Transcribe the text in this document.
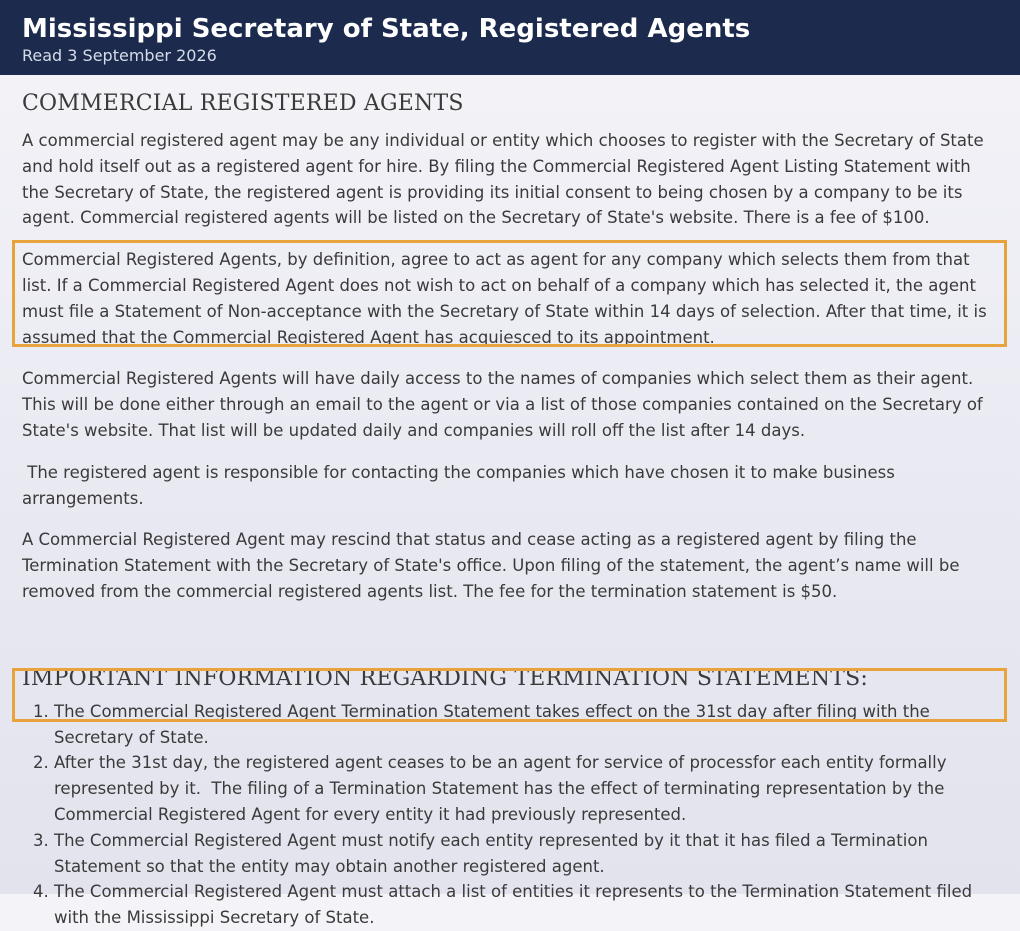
Mississippi Secretary of State, Registered Agents
Read 3 September 2026
COMMERCIAL REGISTERED AGENTS

A commercial registered agent may be any individual or entity which chooses to register with the Secretary of State and hold itself out as a registered agent for hire. By filing the Commercial Registered Agent Listing Statement with the Secretary of State, the registered agent is providing its initial consent to being chosen by a company to be its agent. Commercial registered agents will be listed on the Secretary of State's website. There is a fee of $100.

Commercial Registered Agents, by definition, agree to act as agent for any company which selects them from that list. If a Commercial Registered Agent does not wish to act on behalf of a company which has selected it, the agent must file a Statement of Non-acceptance with the Secretary of State within 14 days of selection. After that time, it is assumed that the Commercial Registered Agent has acquiesced to its appointment.

Commercial Registered Agents will have daily access to the names of companies which select them as their agent. This will be done either through an email to the agent or via a list of those companies contained on the Secretary of State's website. That list will be updated daily and companies will roll off the list after 14 days.

The registered agent is responsible for contacting the companies which have chosen it to make business arrangements.

A Commercial Registered Agent may rescind that status and cease acting as a registered agent by filing the Termination Statement with the Secretary of State's office. Upon filing of the statement, the agent’s name will be removed from the commercial registered agents list. The fee for the termination statement is $50.

IMPORTANT INFORMATION REGARDING TERMINATION STATEMENTS:
1. The Commercial Registered Agent Termination Statement takes effect on the 31st day after filing with the Secretary of State.
2. After the 31st day, the registered agent ceases to be an agent for service of processfor each entity formally represented by it.  The filing of a Termination Statement has the effect of terminating representation by the Commercial Registered Agent for every entity it had previously represented.
3. The Commercial Registered Agent must notify each entity represented by it that it has filed a Termination Statement so that the entity may obtain another registered agent.
4. The Commercial Registered Agent must attach a list of entities it represents to the Termination Statement filed with the Mississippi Secretary of State.
